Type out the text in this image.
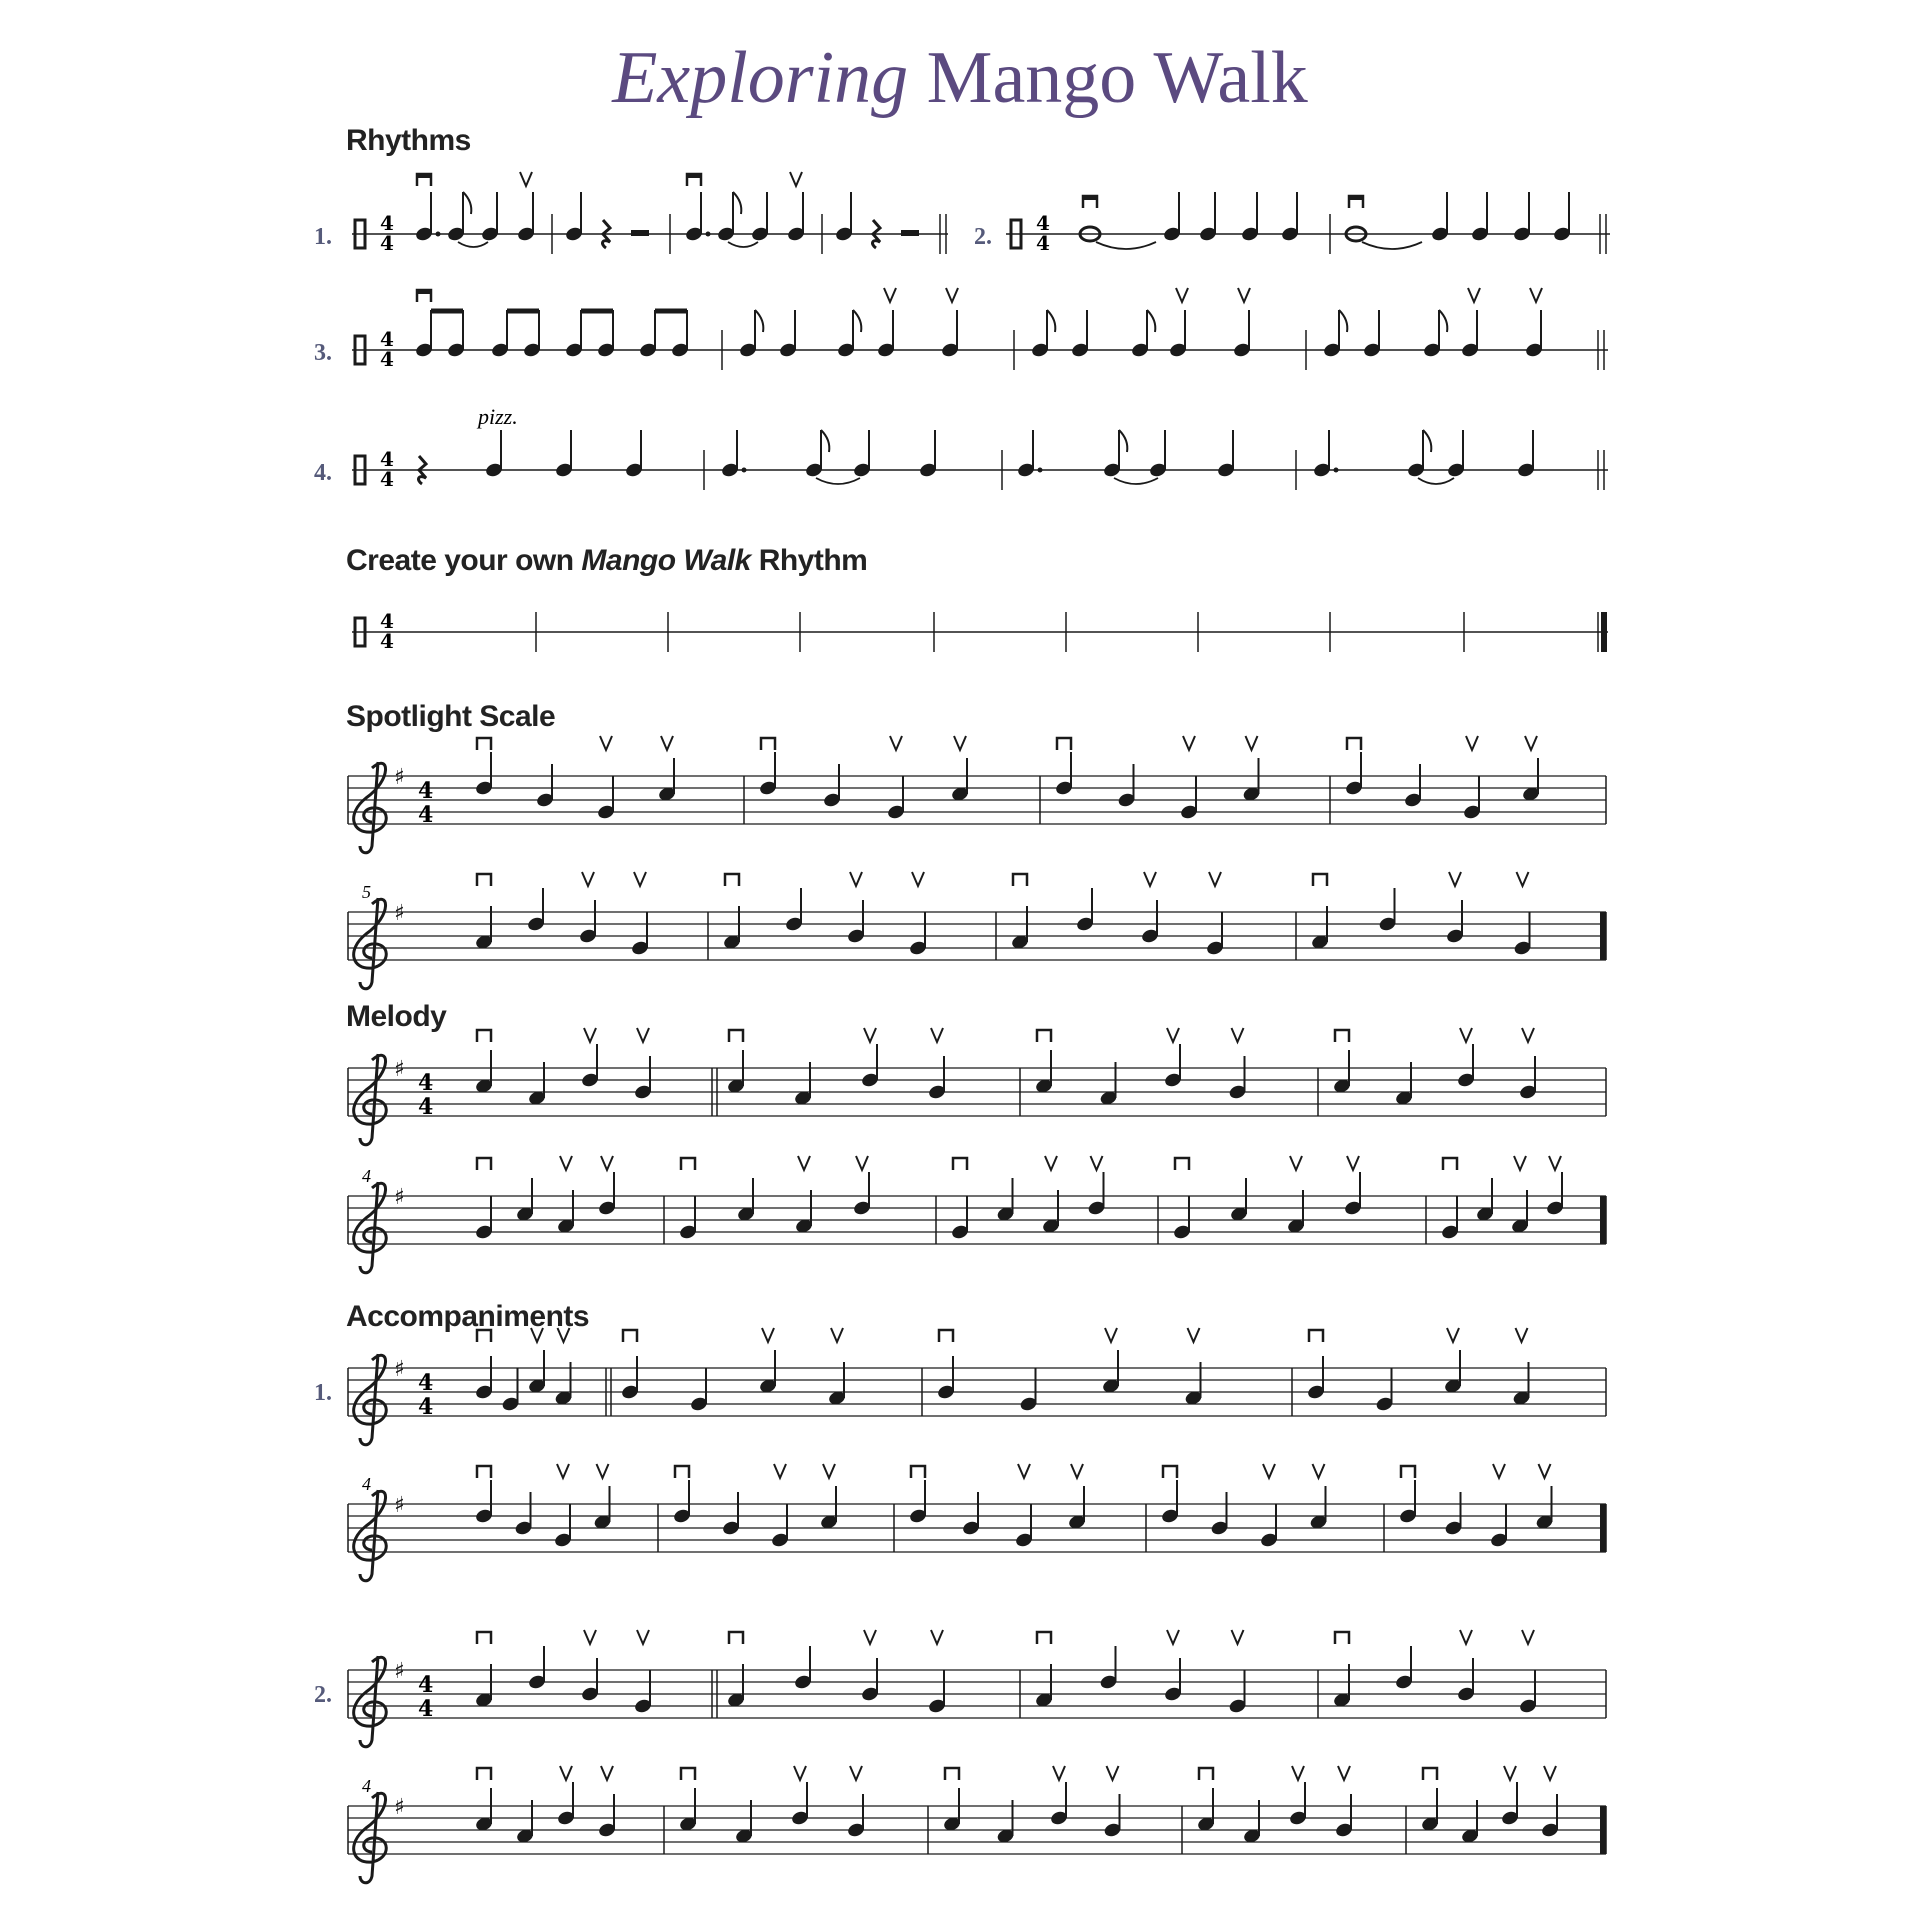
Exploring Mango Walk
Rhythms
Create your own Mango Walk Rhythm
Spotlight Scale
Melody
Accompaniments
1.
4
4	2.
4
4
3.
4
4
4.
4
4
pizz.
4
4
♯
4
4
♯
5
♯
4
4
♯
4
♯
4
4
1.
♯
4
♯
4
4
2.
♯
4
